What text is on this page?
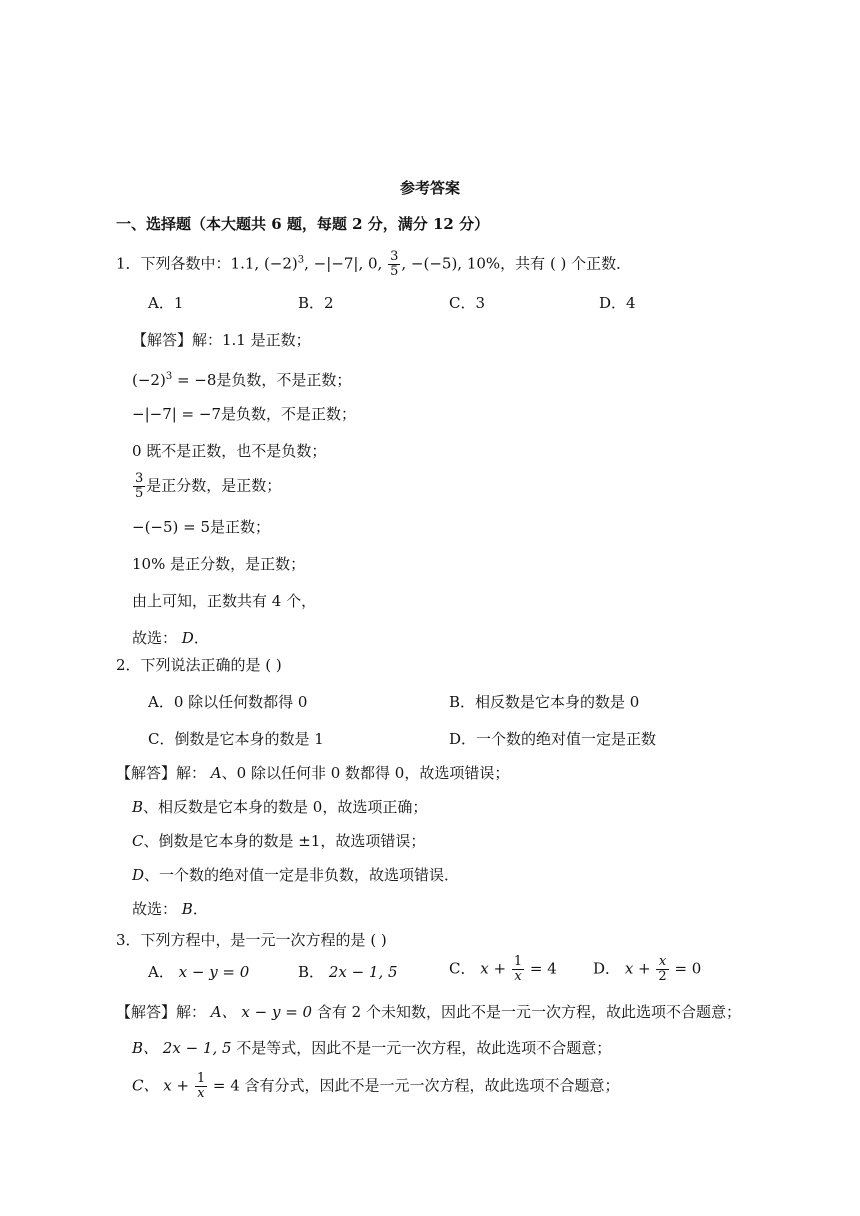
参考答案
一、选择题（本大题共 6 题，每题 2 分，满分 12 分）
1．下列各数中：1.1, $(-2)^3$, −|−7|, 0, $\frac{3}{5}$ , −(−5), 10%，共有 ( ) 个正数．
A．1	B．2	C．3	D．4
【解答】解：1.1 是正数；
$(-2)^3 = -8$是负数，不是正数；
−|−7| = −7是负数，不是正数；
0 既不是正数，也不是负数；
$\frac{3}{5}$ 是正分数，是正数；
−(−5) = 5是正数；
10% 是正分数，是正数；
由上可知，正数共有 4 个，
故选： D．
2．下列说法正确的是 ( )
A．0 除以任何数都得 0	B．相反数是它本身的数是 0
C．倒数是它本身的数是 1	D．一个数的绝对值一定是正数
【解答】解： A、0 除以任何非 0 数都得 0，故选项错误；
B、相反数是它本身的数是 0，故选项正确；
C、倒数是它本身的数是 ±1，故选项错误；
D、一个数的绝对值一定是非负数，故选项错误．
故选： B．
3．下列方程中，是一元一次方程的是 ( )
A． x − y = 0	B． 2x − 1, 5	C． $x + \frac{1}{x} = 4$ D． $x + \frac{x}{2} = 0$
【解答】解： A、 x − y = 0 含有 2 个未知数，因此不是一元一次方程，故此选项不合题意；
B、 2x − 1, 5 不是等式，因此不是一元一次方程，故此选项不合题意；
C、 $x + \frac{1}{x} = 4$ 含有分式，因此不是一元一次方程，故此选项不合题意；
